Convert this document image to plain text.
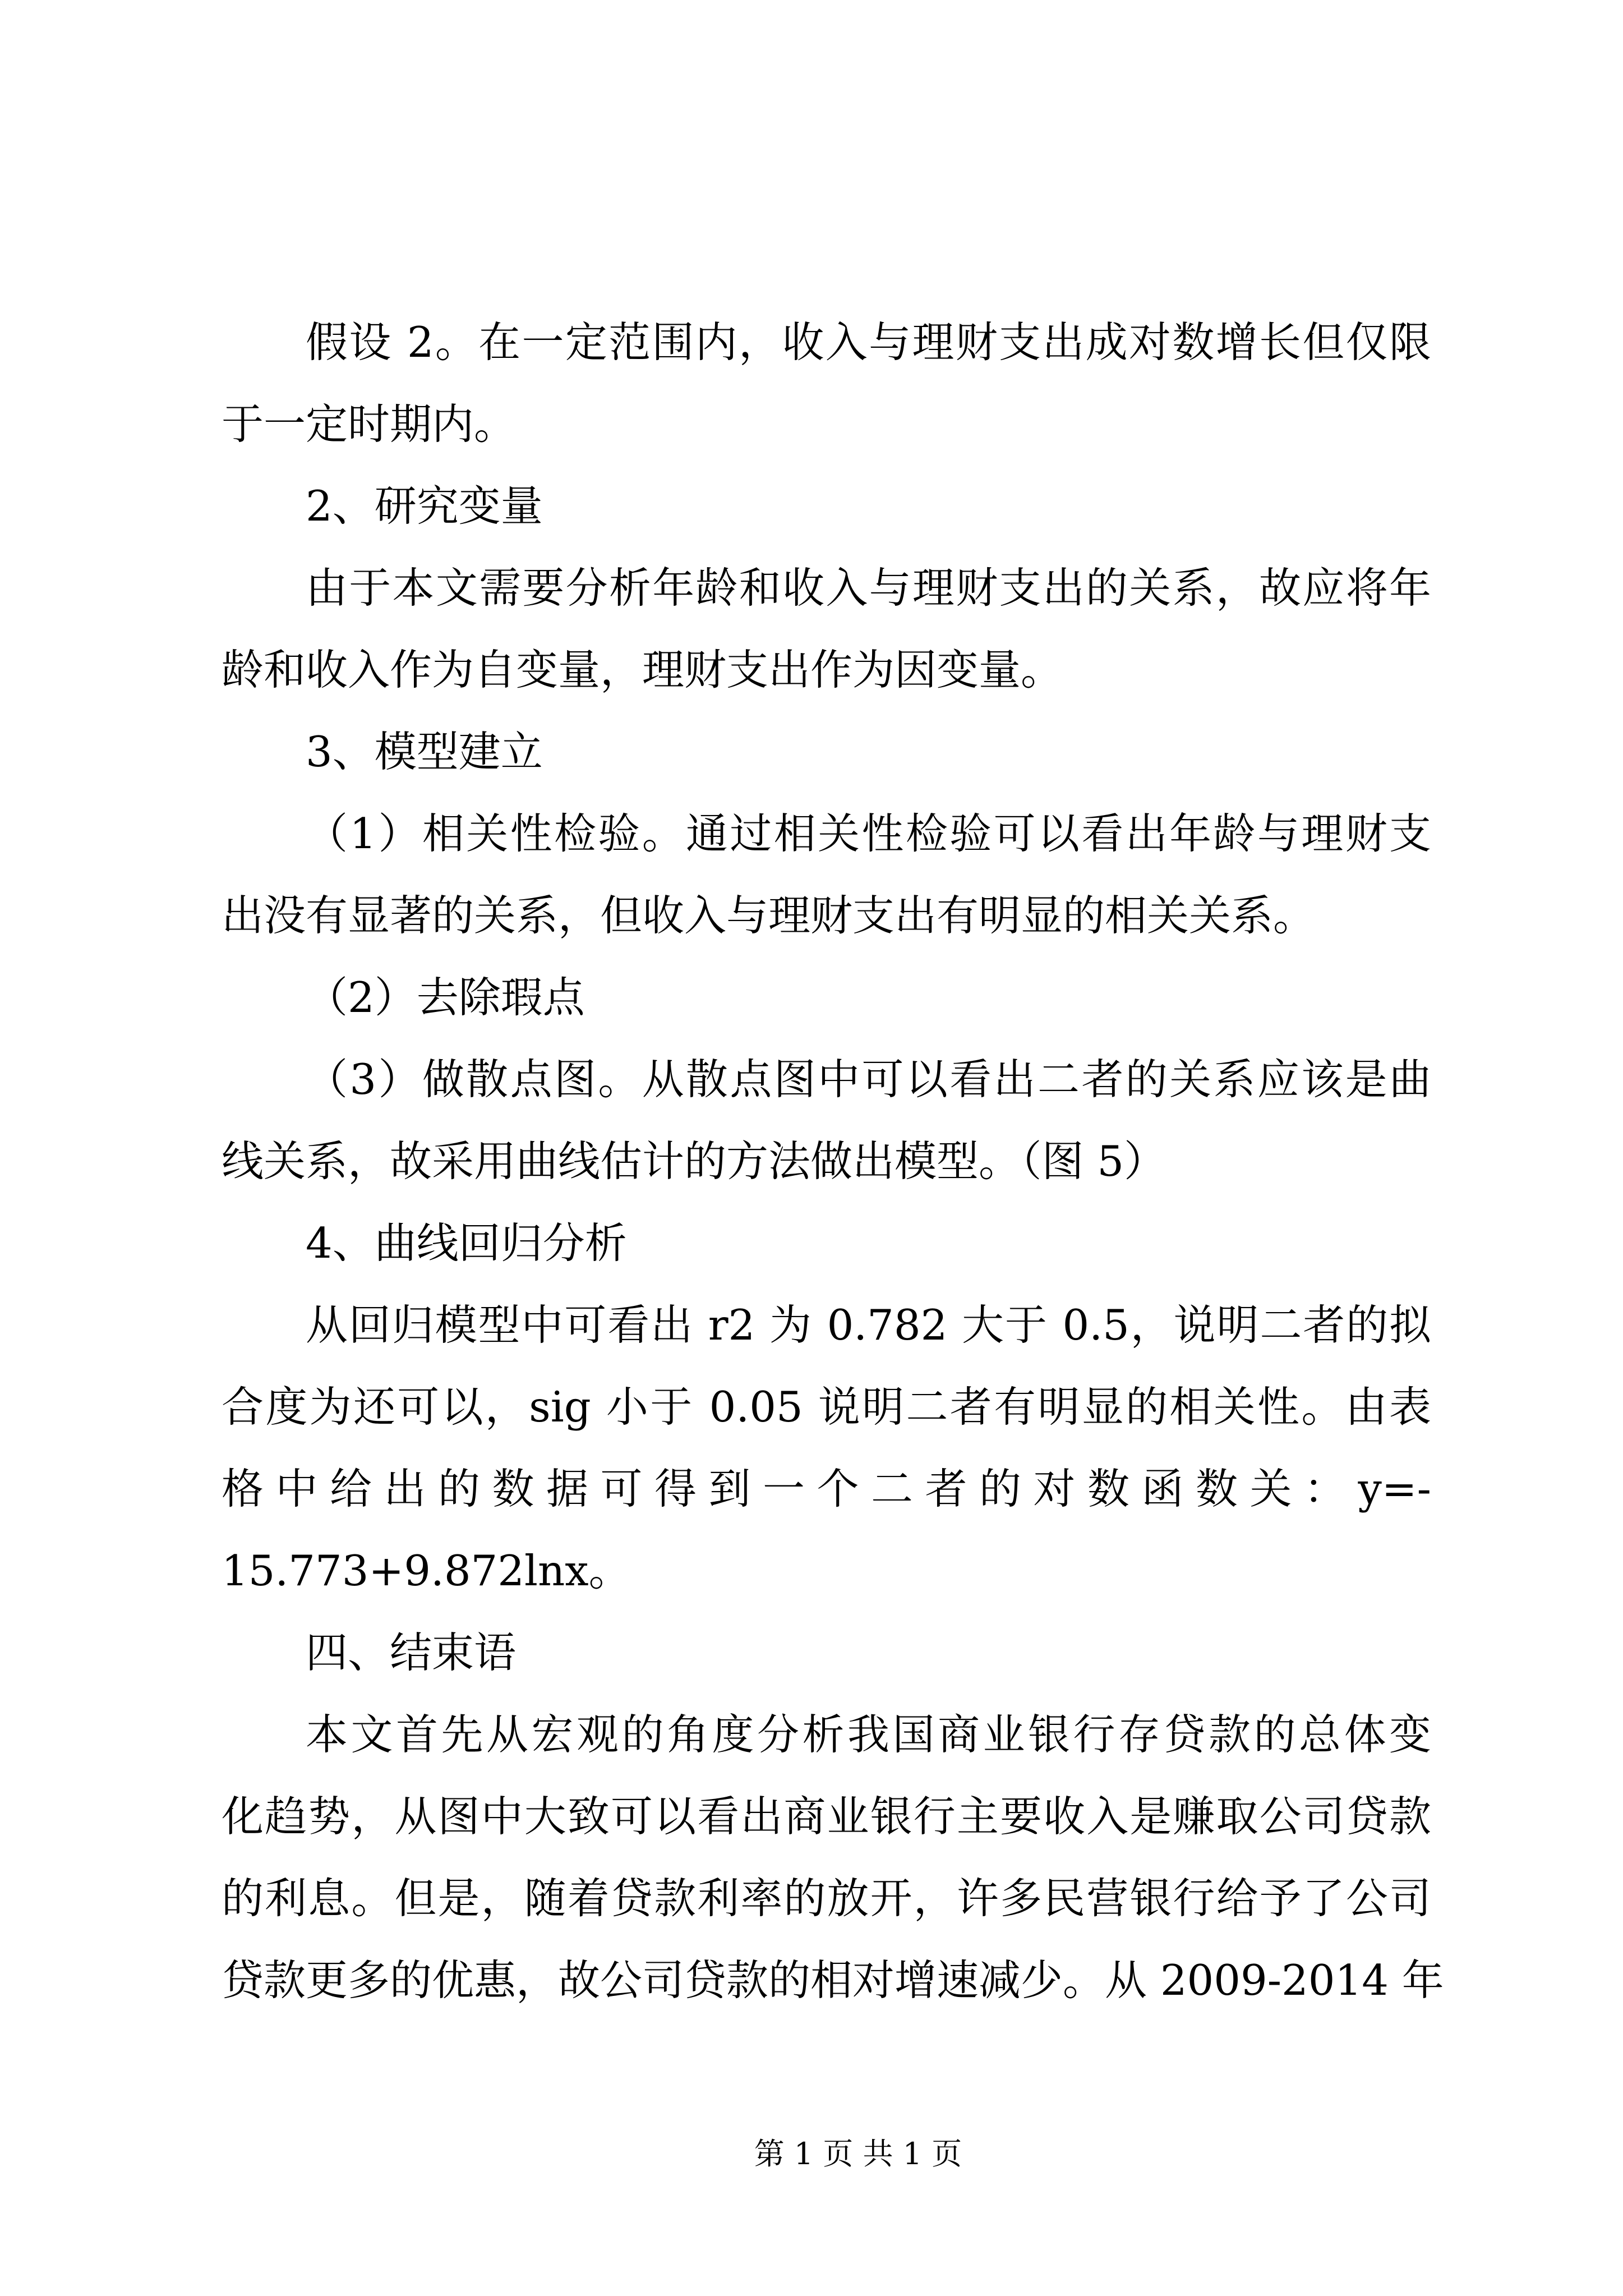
假设 2。在一定范围内，收入与理财支出成对数增长但仅限
于一定时期内。
2、研究变量
由于本文需要分析年龄和收入与理财支出的关系，故应将年
龄和收入作为自变量，理财支出作为因变量。
3、模型建立
（1）相关性检验。通过相关性检验可以看出年龄与理财支
出没有显著的关系，但收入与理财支出有明显的相关关系。
（2）去除瑕点
（3）做散点图。从散点图中可以看出二者的关系应该是曲
线关系，故采用曲线估计的方法做出模型。（图 5）
4、曲线回归分析
从回归模型中可看出 r2 为 0.782 大于 0.5，说明二者的拟
合度为还可以，sig 小于 0.05 说明二者有明显的相关性。由表
格中给出的数据可得到一个二者的对数函数关：y=-
15.773+9.872lnx。
四、结束语
本文首先从宏观的角度分析我国商业银行存贷款的总体变
化趋势，从图中大致可以看出商业银行主要收入是赚取公司贷款
的利息。但是，随着贷款利率的放开，许多民营银行给予了公司
贷款更多的优惠，故公司贷款的相对增速减少。从 2009-2014 年
第 1 页 共 1 页
